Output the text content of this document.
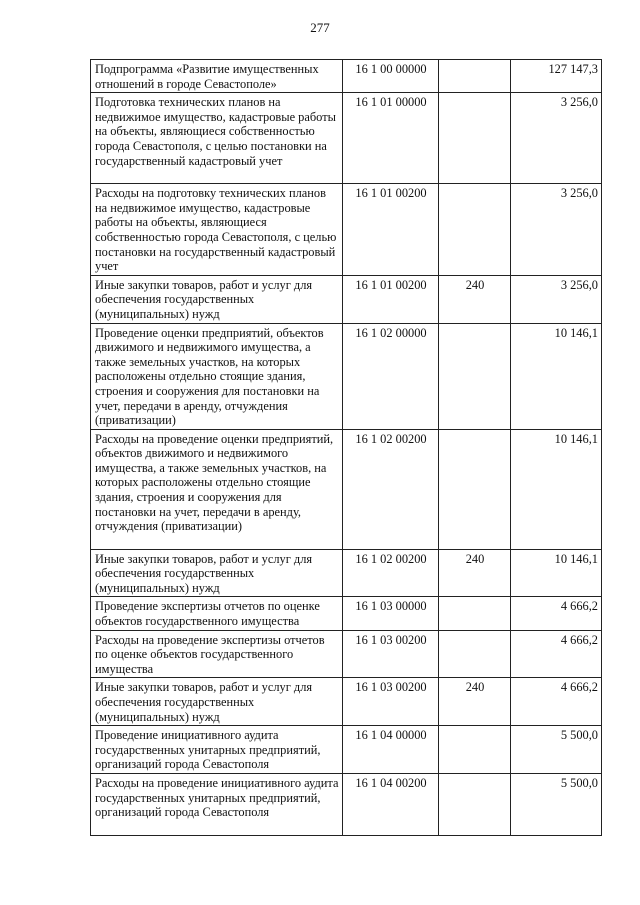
277
Подпрограмма «Развитие имущественных отношений в городе Севастополе»	16 1 00 00000		127 147,3
Подготовка технических планов на недвижимое имущество, кадастровые работы на объекты, являющиеся собственностью города Севастополя, с целью постановки на государственный кадастровый учет	16 1 01 00000		3 256,0
Расходы на подготовку технических планов на недвижимое имущество, кадастровые работы на объекты, являющиеся собственностью города Севастополя, с целью постановки на государственный кадастровый учет	16 1 01 00200		3 256,0
Иные закупки товаров, работ и услуг для обеспечения государственных (муниципальных) нужд	16 1 01 00200	240	3 256,0
Проведение оценки предприятий, объектов движимого и недвижимого имущества, а также земельных участков, на которых расположены отдельно стоящие здания, строения и сооружения для постановки на учет, передачи в аренду, отчуждения (приватизации)	16 1 02 00000		10 146,1
Расходы на проведение оценки предприятий, объектов движимого и недвижимого имущества, а также земельных участков, на которых расположены отдельно стоящие здания, строения и сооружения для постановки на учет, передачи в аренду, отчуждения (приватизации)	16 1 02 00200		10 146,1
Иные закупки товаров, работ и услуг для обеспечения государственных (муниципальных) нужд	16 1 02 00200	240	10 146,1
Проведение экспертизы отчетов по оценке объектов государственного имущества	16 1 03 00000		4 666,2
Расходы на проведение экспертизы отчетов по оценке объектов государственного имущества	16 1 03 00200		4 666,2
Иные закупки товаров, работ и услуг для обеспечения государственных (муниципальных) нужд	16 1 03 00200	240	4 666,2
Проведение инициативного аудита государственных унитарных предприятий, организаций города Севастополя	16 1 04 00000		5 500,0
Расходы на проведение инициативного аудита государственных унитарных предприятий, организаций города Севастополя	16 1 04 00200		5 500,0
